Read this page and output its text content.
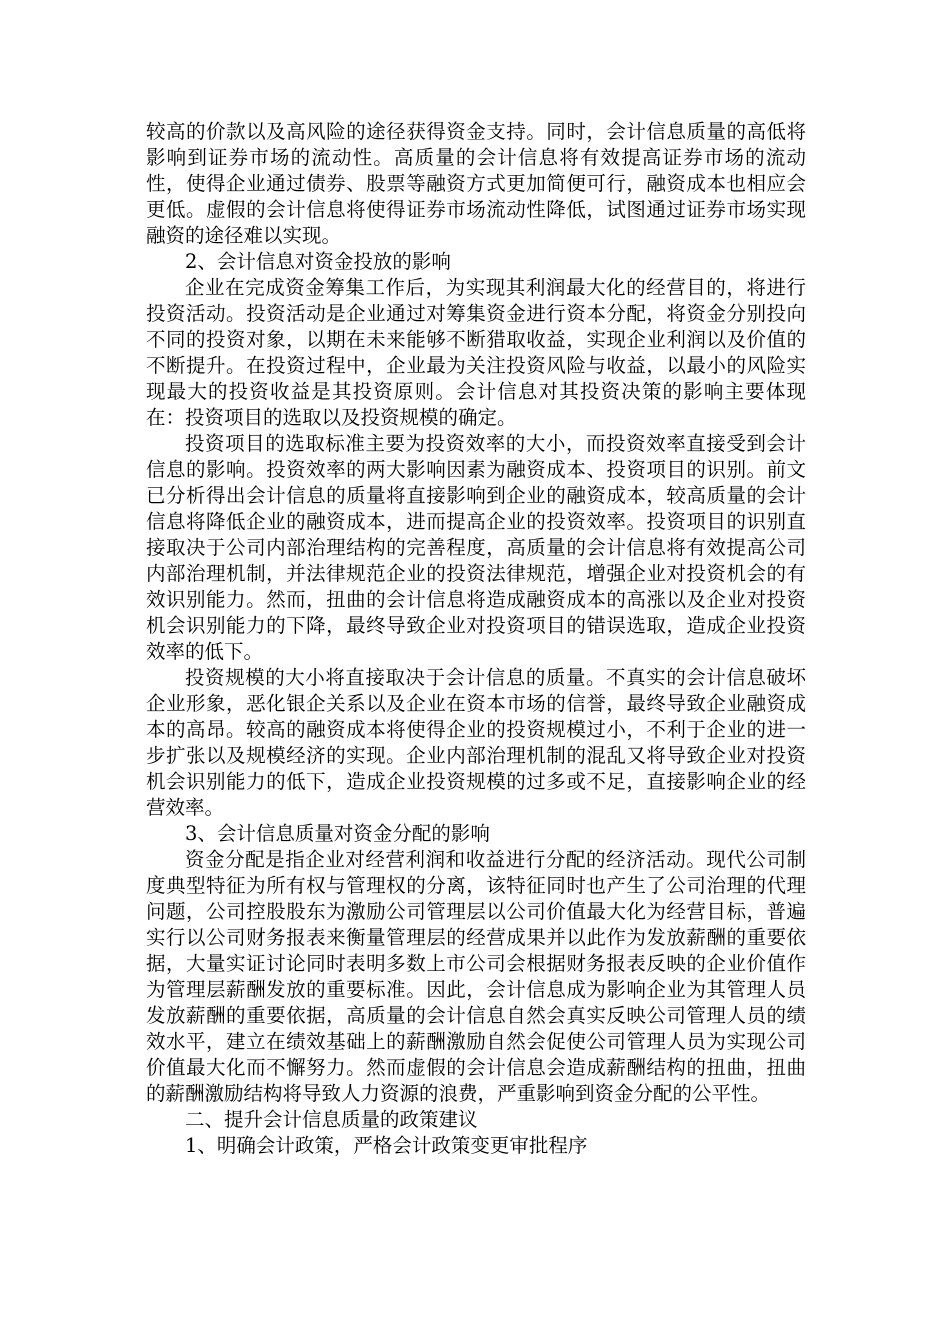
较高的价款以及高风险的途径获得资金支持。同时，会计信息质量的高低将影响到证券市场的流动性。高质量的会计信息将有效提高证券市场的流动性，使得企业通过债券、股票等融资方式更加简便可行，融资成本也相应会更低。虚假的会计信息将使得证券市场流动性降低，试图通过证券市场实现融资的途径难以实现。

2、会计信息对资金投放的影响

企业在完成资金筹集工作后，为实现其利润最大化的经营目的，将进行投资活动。投资活动是企业通过对筹集资金进行资本分配，将资金分别投向不同的投资对象，以期在未来能够不断猎取收益，实现企业利润以及价值的不断提升。在投资过程中，企业最为关注投资风险与收益，以最小的风险实现最大的投资收益是其投资原则。会计信息对其投资决策的影响主要体现在：投资项目的选取以及投资规模的确定。

投资项目的选取标准主要为投资效率的大小，而投资效率直接受到会计信息的影响。投资效率的两大影响因素为融资成本、投资项目的识别。前文已分析得出会计信息的质量将直接影响到企业的融资成本，较高质量的会计信息将降低企业的融资成本，进而提高企业的投资效率。投资项目的识别直接取决于公司内部治理结构的完善程度，高质量的会计信息将有效提高公司内部治理机制，并法律规范企业的投资法律规范，增强企业对投资机会的有效识别能力。然而，扭曲的会计信息将造成融资成本的高涨以及企业对投资机会识别能力的下降，最终导致企业对投资项目的错误选取，造成企业投资效率的低下。

投资规模的大小将直接取决于会计信息的质量。不真实的会计信息破坏企业形象，恶化银企关系以及企业在资本市场的信誉，最终导致企业融资成本的高昂。较高的融资成本将使得企业的投资规模过小，不利于企业的进一步扩张以及规模经济的实现。企业内部治理机制的混乱又将导致企业对投资机会识别能力的低下，造成企业投资规模的过多或不足，直接影响企业的经营效率。

3、会计信息质量对资金分配的影响

资金分配是指企业对经营利润和收益进行分配的经济活动。现代公司制度典型特征为所有权与管理权的分离，该特征同时也产生了公司治理的代理问题，公司控股股东为激励公司管理层以公司价值最大化为经营目标，普遍实行以公司财务报表来衡量管理层的经营成果并以此作为发放薪酬的重要依据，大量实证讨论同时表明多数上市公司会根据财务报表反映的企业价值作为管理层薪酬发放的重要标准。因此，会计信息成为影响企业为其管理人员发放薪酬的重要依据，高质量的会计信息自然会真实反映公司管理人员的绩效水平，建立在绩效基础上的薪酬激励自然会促使公司管理人员为实现公司价值最大化而不懈努力。然而虚假的会计信息会造成薪酬结构的扭曲，扭曲的薪酬激励结构将导致人力资源的浪费，严重影响到资金分配的公平性。

二、提升会计信息质量的政策建议

1、明确会计政策，严格会计政策变更审批程序
